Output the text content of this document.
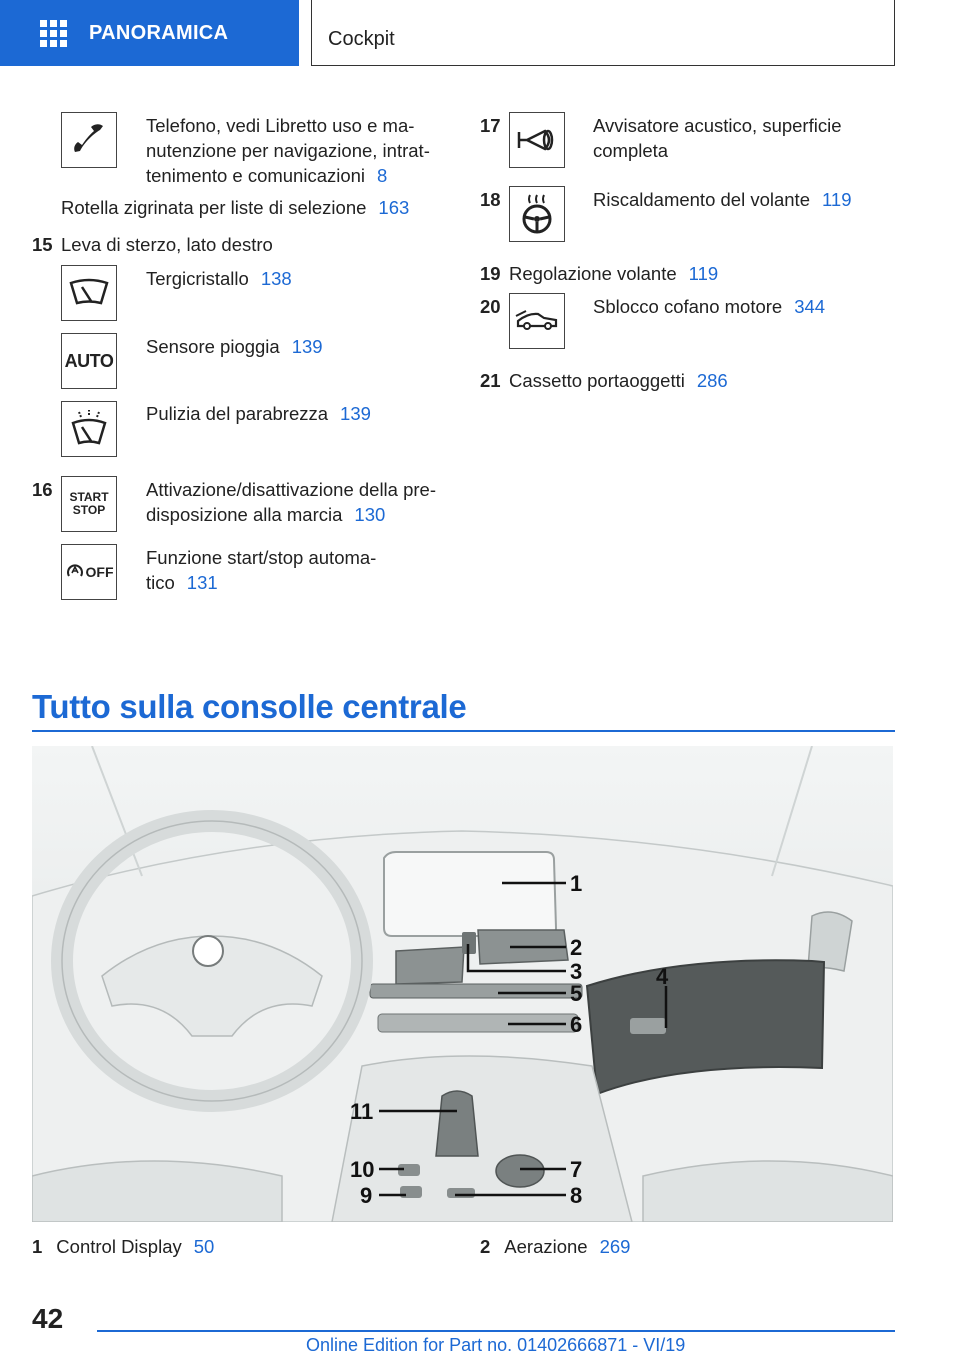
PANORAMICA	Cockpit
Telefono, vedi Libretto uso e ma-
nutenzione per navigazione, intrat-
tenimento e comunicazioni 8
Rotella zigrinata per liste di selezione 163
15 Leva di sterzo, lato destro
Tergicristallo 138
AUTO
Sensore pioggia 139
Pulizia del parabrezza 139
16 START
STOP
Attivazione/disattivazione della pre-
disposizione alla marcia 130
OFF
Funzione start/stop automa-
tico 131
17	Avvisatore acustico, superficie
completa
18	Riscaldamento del volante 119
19 Regolazione volante 119
20	Sblocco cofano motore 344
21 Cassetto portaoggetti 286
Tutto sulla consolle centrale
1
2
3	4
5
6
7
8
9
10
11
1 Control Display 50	2 Aerazione 269
42
Online Edition for Part no. 01402666871 - VI/19
